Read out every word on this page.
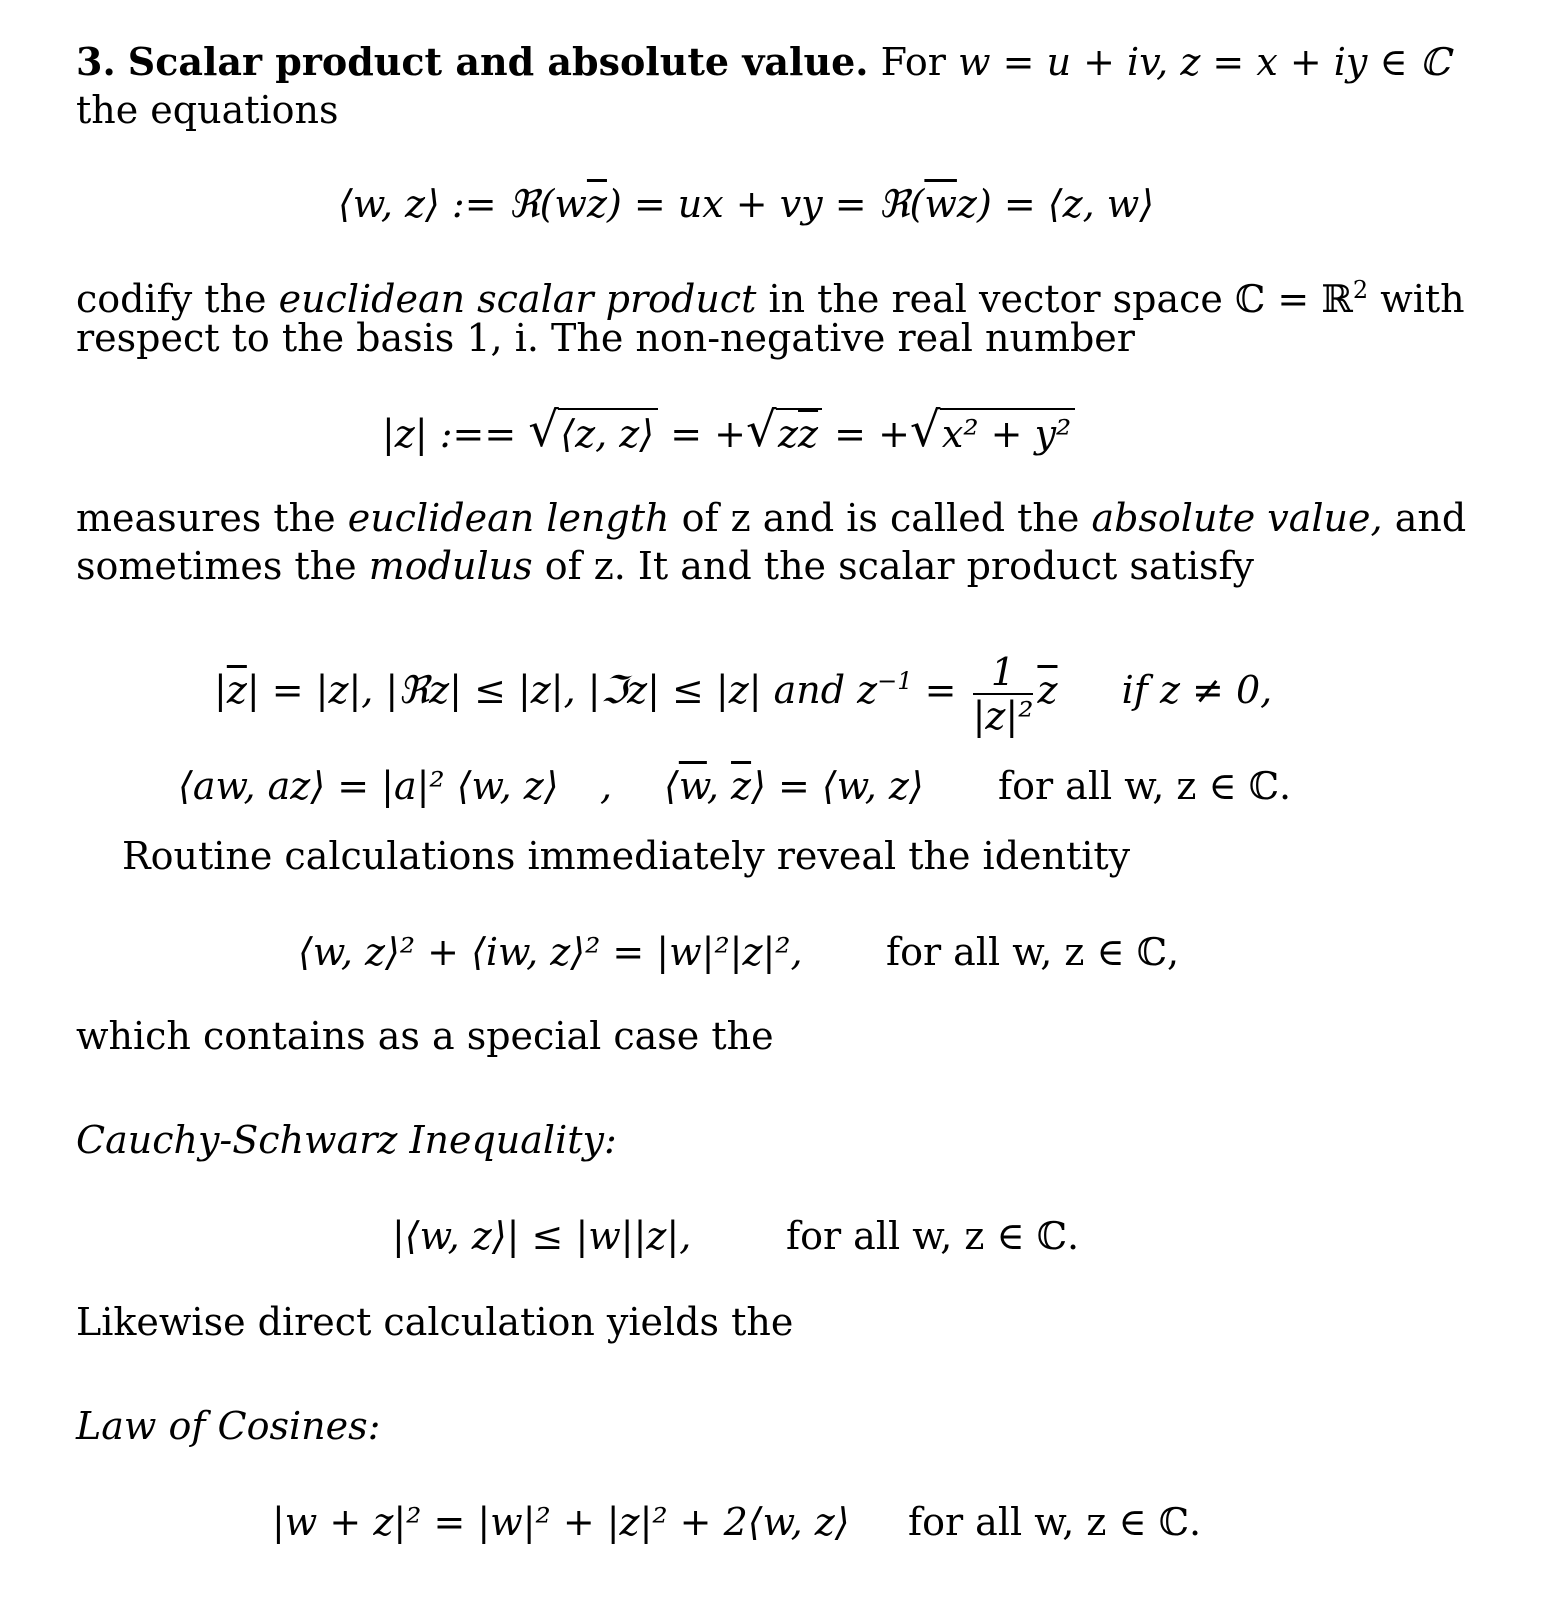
3. Scalar product and absolute value. For w = u + iv, z = x + iy ∈ ℂ
the equations
⟨w, z⟩ := $ℜ(w\overline{z})$ = ux + vy = $ℜ(\overline{w}z)$ = ⟨z, w⟩
codify the euclidean scalar product in the real vector space ℂ = ℝ$^2$ with
respect to the basis 1, i. The non-negative real number
|z| :== √ ⟨z, z⟩ = + √ $z\overline{z}$ = + √ x² + y²
measures the euclidean length of z and is called the absolute value, and
sometimes the modulus of z. It and the scalar product satisfy
$|\overline{z}| = |z|$, |ℜz| ≤ |z|, |ℑz| ≤ |z| and $z^{-1} = \frac{1}{\text{|z|²}} \overline{z}$ if z ≠ 0,
⟨aw, az⟩ = |a|² ⟨w, z⟩ , $⟨\overline{w}$, $\overline{z}⟩$ = ⟨w, z⟩ for all w, z ∈ ℂ.
Routine calculations immediately reveal the identity
⟨w, z⟩² + ⟨iw, z⟩² = |w|²|z|², for all w, z ∈ ℂ,
which contains as a special case the
Cauchy-Schwarz Inequality:
|⟨w, z⟩| ≤ |w||z|, for all w, z ∈ ℂ.
Likewise direct calculation yields the
Law of Cosines:
|w + z|² = |w|² + |z|² + 2⟨w, z⟩ for all w, z ∈ ℂ.
